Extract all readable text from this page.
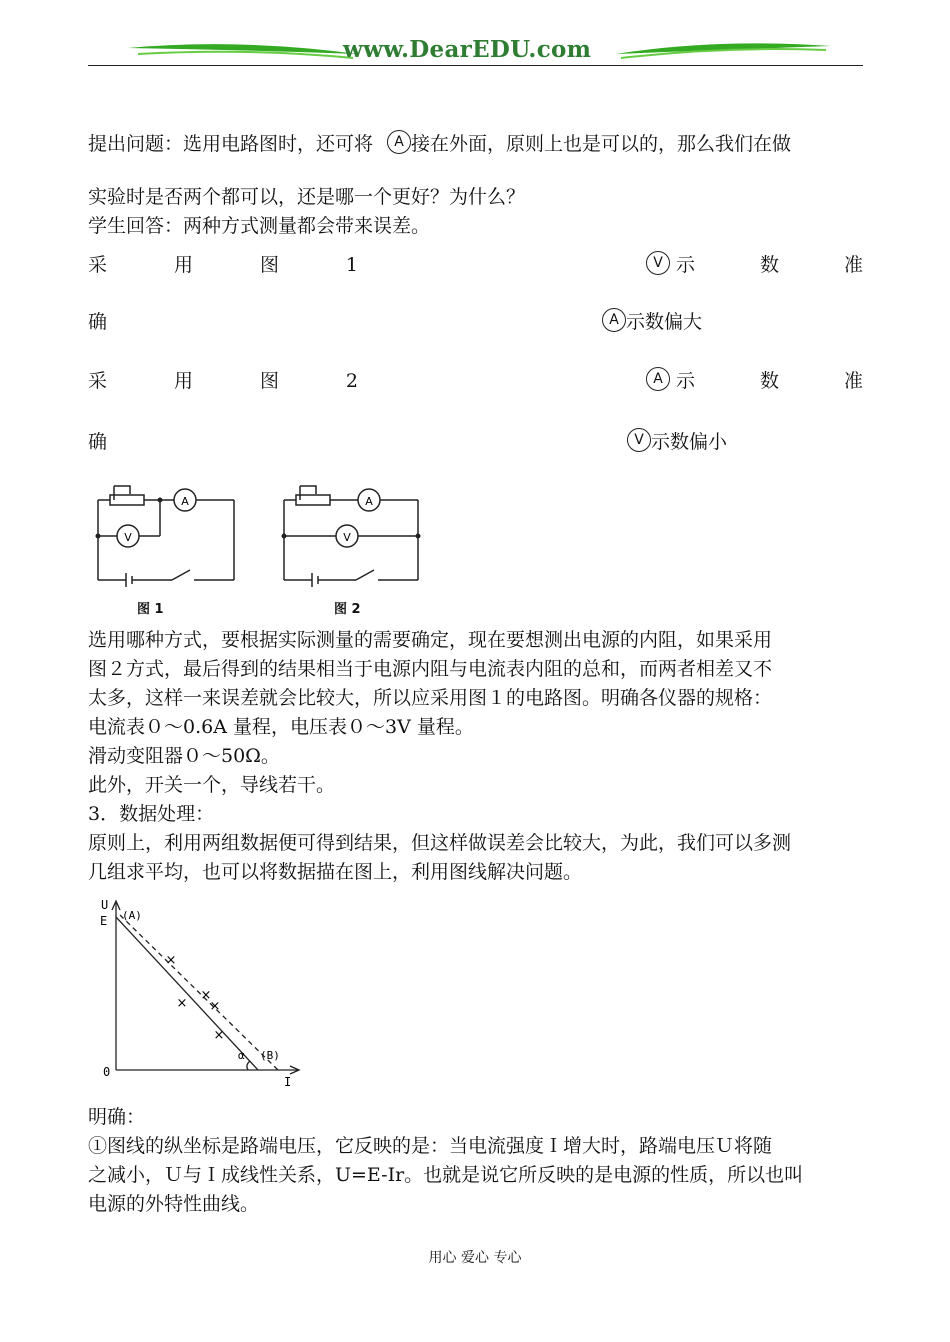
www.DearEDU.com
提出问题：选用电路图时，还可将 A 接在外面，原则上也是可以的，那么我们在做
实验时是否两个都可以，还是哪一个更好？为什么？
学生回答：两种方式测量都会带来误差。
采	用	图	1	V 示	数	准
确	A 示数偏大
采	用	图	2	A 示	数	准
确	V 示数偏小
A
V
图 1
A
V
图 2
选用哪种方式，要根据实际测量的需要确定，现在要想测出电源的内阻，如果采用
图２方式，最后得到的结果相当于电源内阻与电流表内阻的总和，而两者相差又不
太多，这样一来误差就会比较大，所以应采用图１的电路图。明确各仪器的规格：
电流表０～0.6A 量程，电压表０～3V 量程。
滑动变阻器０～50Ω。
此外，开关一个，导线若干。
3．数据处理：
原则上，利用两组数据便可得到结果，但这样做误差会比较大，为此，我们可以多测
几组求平均，也可以将数据描在图上，利用图线解决问题。
×
×
×
×
×
U
E (A)
α (B)
0
I
明确：
①图线的纵坐标是路端电压，它反映的是：当电流强度Ｉ增大时，路端电压Ｕ将随
之减小，Ｕ与Ｉ成线性关系，U=E-Ir。也就是说它所反映的是电源的性质，所以也叫
电源的外特性曲线。
用心 爱心 专心
